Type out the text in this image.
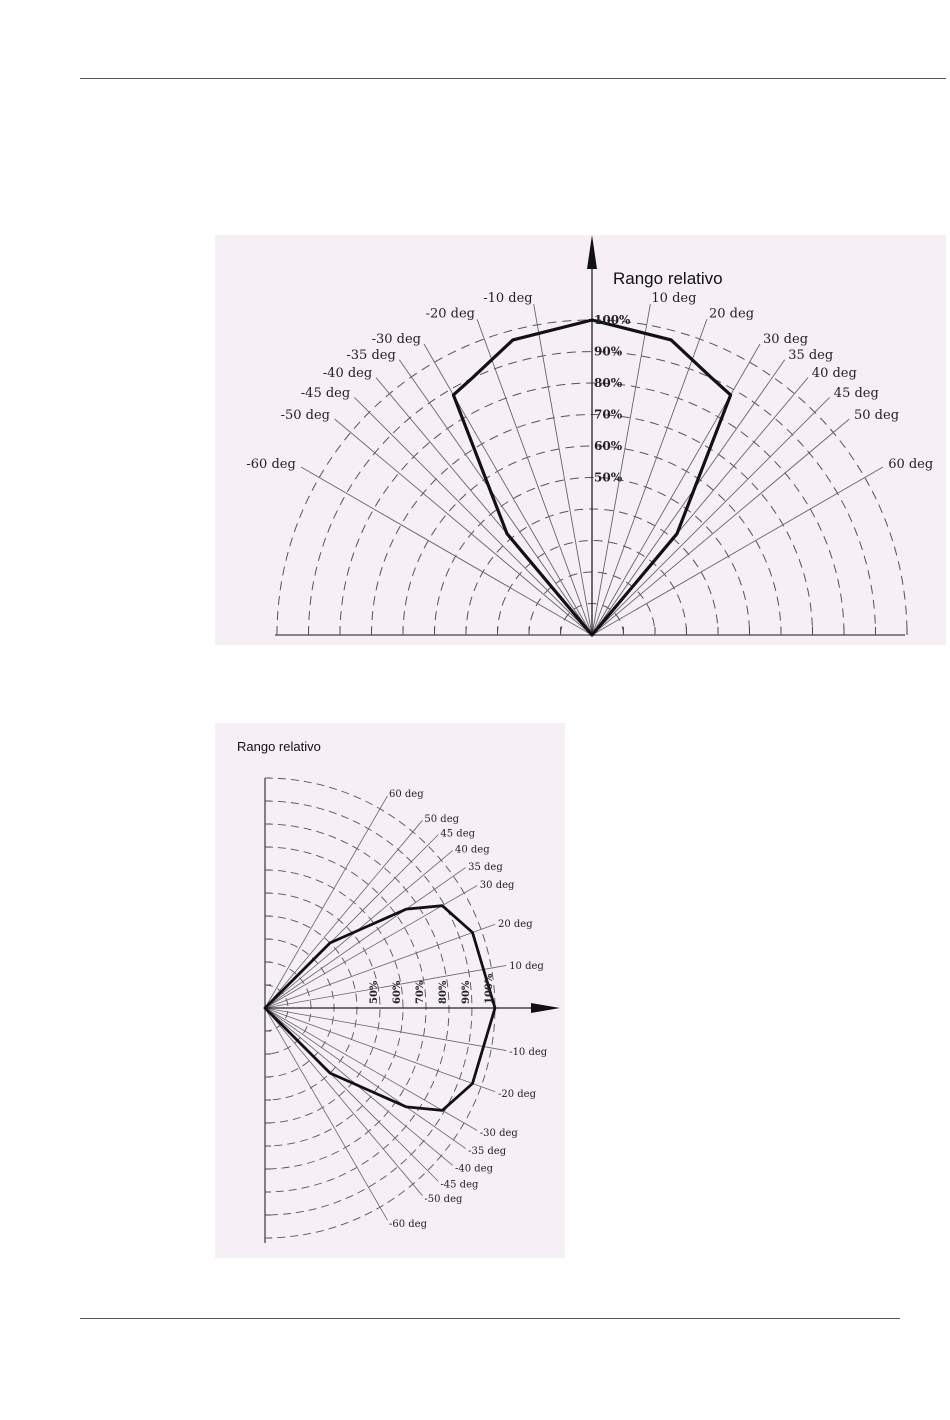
-60 deg
-50 deg
-45 deg
-40 deg
-35 deg
-30 deg
-20 deg
-10 deg	10 deg
20 deg
30 deg
35 deg
40 deg
45 deg
50 deg
60 deg
100%
90%
80%
70%
60%
50%
Rango relativo
60 deg
50 deg
45 deg
40 deg
35 deg
30 deg
20 deg
10 deg
-10 deg
-20 deg
-30 deg
-35 deg
-40 deg
-45 deg
-50 deg
-60 deg
50% 60% 70% 80% 90% 100%
Rango relativo
